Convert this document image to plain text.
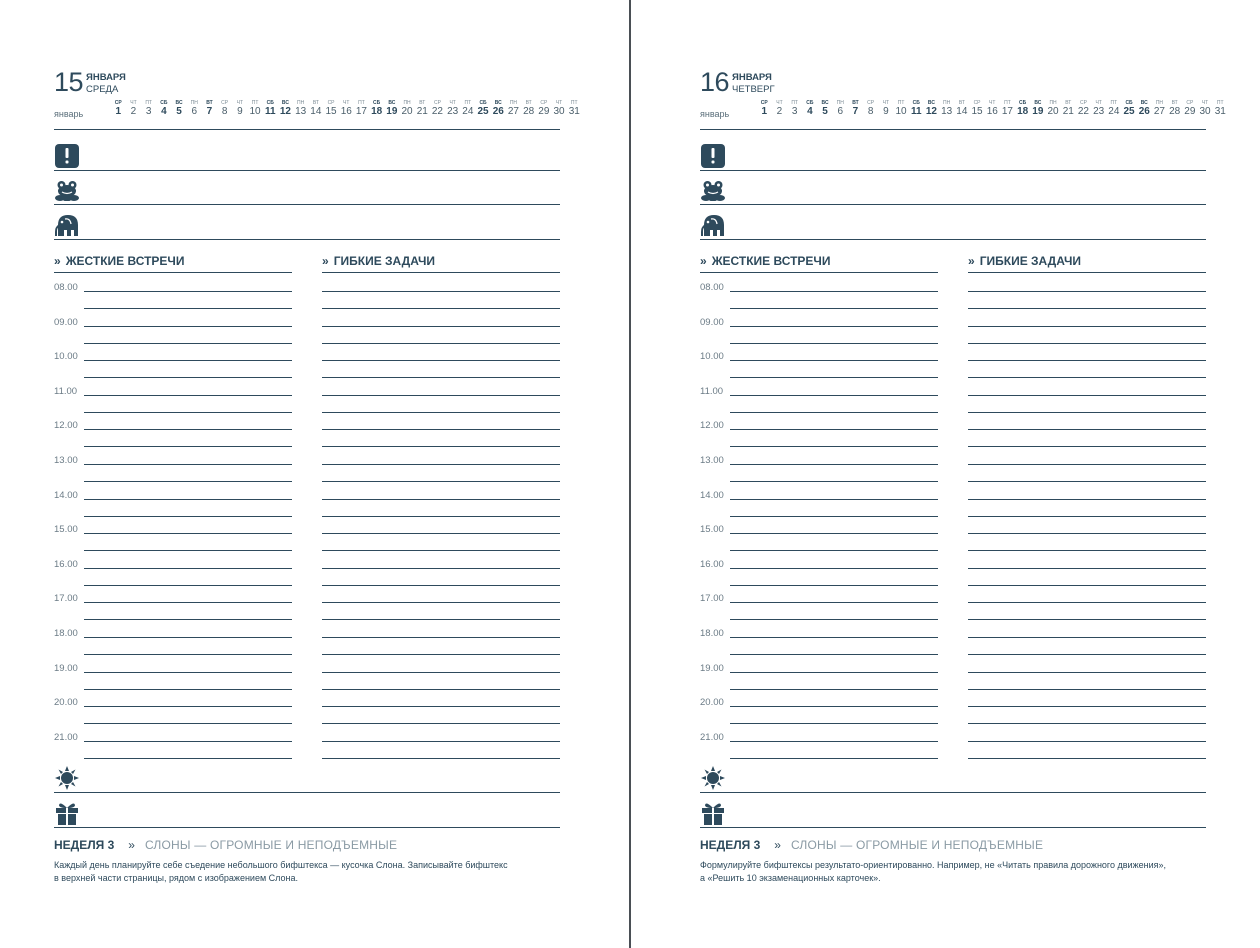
15 ЯНВАРЯ
СРЕДА
январь
СР
1
ЧТ
2
ПТ
3
СБ
4
ВС
5
ПН
6
ВТ
7
СР
8
ЧТ
9
ПТ
10
СБ
11
ВС
12
ПН
13
ВТ
14
СР
15
ЧТ
16
ПТ
17
СБ
18
ВС
19
ПН
20
ВТ
21
СР
22
ЧТ
23
ПТ
24
СБ
25
ВС
26
ПН
27
ВТ
28
СР
29
ЧТ
30
ПТ
31
» ЖЕСТКИЕ ВСТРЕЧИ	» ГИБКИЕ ЗАДАЧИ
08.00
09.00
10.00
11.00
12.00
13.00
14.00
15.00
16.00
17.00
18.00
19.00
20.00
21.00
НЕДЕЛЯ 3 » СЛОНЫ — ОГРОМНЫЕ И НЕПОДЪЕМНЫЕ
Каждый день планируйте себе съедение небольшого бифштекса — кусочка Слона. Записывайте бифштекс
в верхней части страницы, рядом с изображением Слона.
16 ЯНВАРЯ
ЧЕТВЕРГ
январь
СР
1
ЧТ
2
ПТ
3
СБ
4
ВС
5
ПН
6
ВТ
7
СР
8
ЧТ
9
ПТ
10
СБ
11
ВС
12
ПН
13
ВТ
14
СР
15
ЧТ
16
ПТ
17
СБ
18
ВС
19
ПН
20
ВТ
21
СР
22
ЧТ
23
ПТ
24
СБ
25
ВС
26
ПН
27
ВТ
28
СР
29
ЧТ
30
ПТ
31
» ЖЕСТКИЕ ВСТРЕЧИ	» ГИБКИЕ ЗАДАЧИ
08.00
09.00
10.00
11.00
12.00
13.00
14.00
15.00
16.00
17.00
18.00
19.00
20.00
21.00
НЕДЕЛЯ 3 » СЛОНЫ — ОГРОМНЫЕ И НЕПОДЪЕМНЫЕ
Формулируйте бифштексы результато-ориентированно. Например, не «Читать правила дорожного движения»,
а «Решить 10 экзаменационных карточек».
